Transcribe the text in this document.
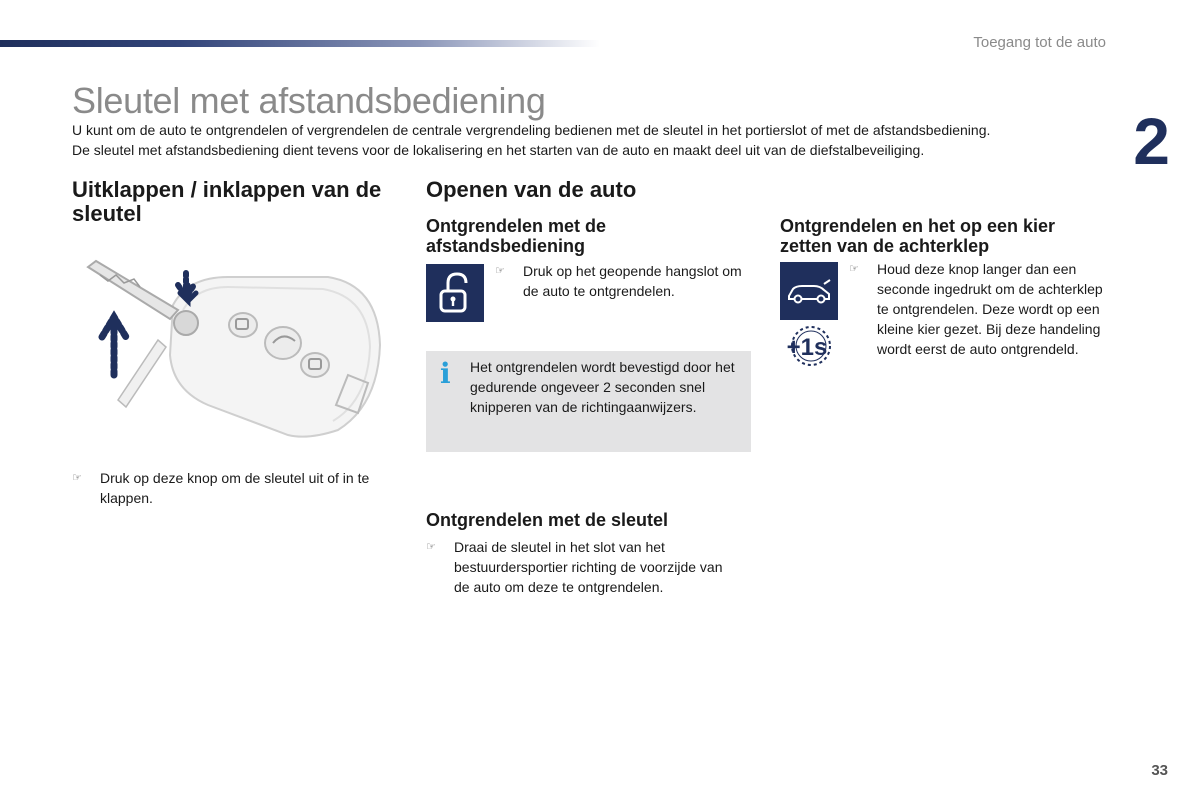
Toegang tot de auto
2
Sleutel met afstandsbediening

U kunt om de auto te ontgrendelen of vergrendelen de centrale vergrendeling bedienen met de sleutel in het portierslot of met de afstandsbediening.

De sleutel met afstandsbediening dient tevens voor de lokalisering en het starten van de auto en maakt deel uit van de diefstalbeveiliging.

Uitklappen / inklappen van de sleutel
☞	Druk op deze knop om de sleutel uit of in te klappen.
Openen van de auto
Ontgrendelen met de afstandsbediening
☞	Druk op het geopende hangslot om de auto te ontgrendelen.
i Het ontgrendelen wordt bevestigd door het gedurende ongeveer 2 seconden snel knipperen van de richtingaanwijzers.
Ontgrendelen met de sleutel
☞	Draai de sleutel in het slot van het bestuurdersportier richting de voorzijde van de auto om deze te ontgrendelen.
Ontgrendelen en het op een kier zetten van de achterklep
+1s
☞	Houd deze knop langer dan een seconde ingedrukt om de achterklep te ontgrendelen. Deze wordt op een kleine kier gezet. Bij deze handeling wordt eerst de auto ontgrendeld.
33
